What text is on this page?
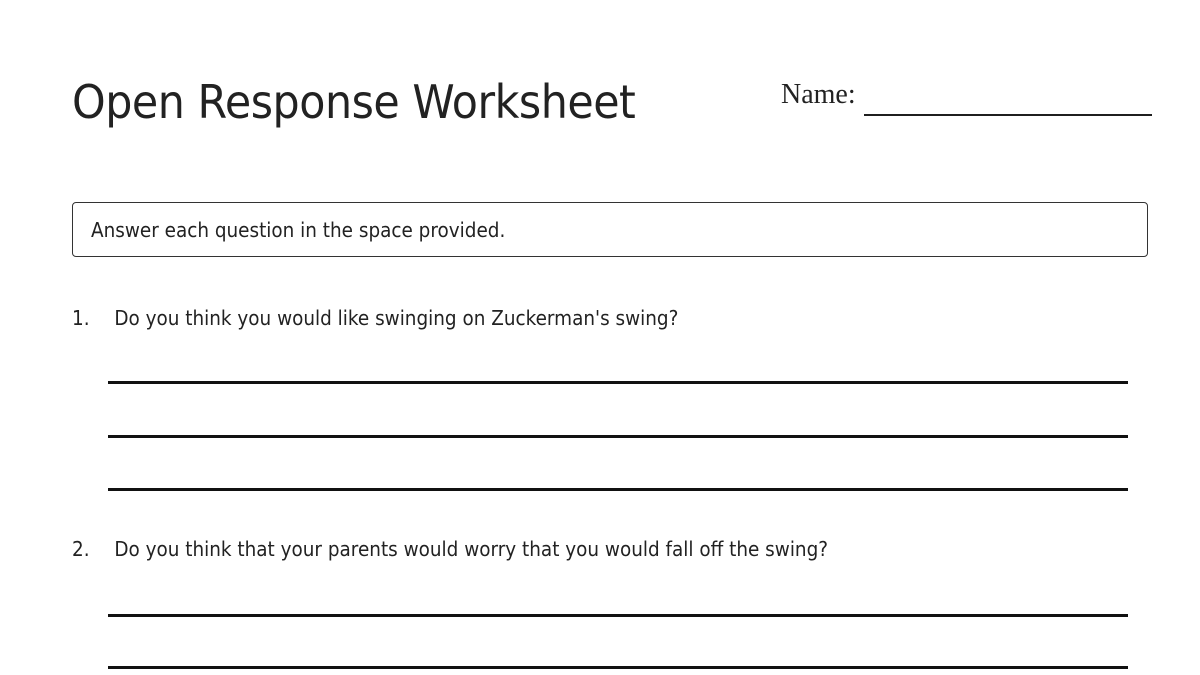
Open Response Worksheet	Name:
Answer each question in the space provided.
1. Do you think you would like swinging on Zuckerman's swing?
2. Do you think that your parents would worry that you would fall off the swing?
